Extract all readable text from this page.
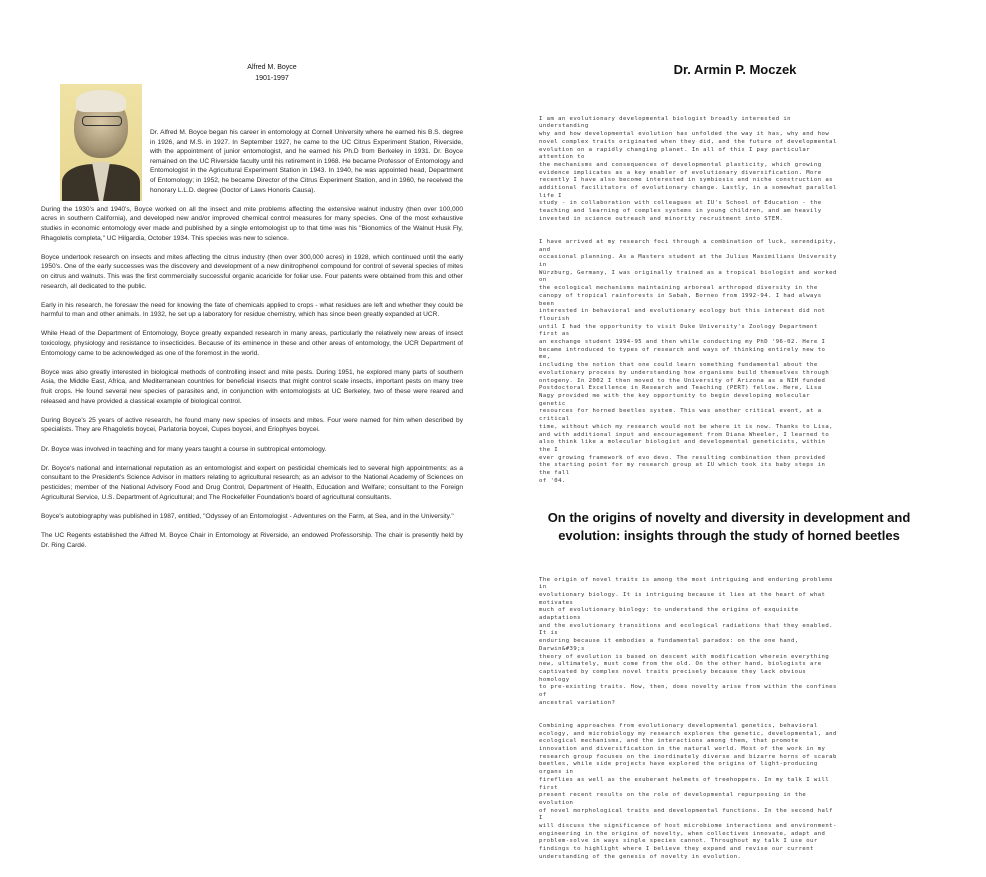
Alfred M. Boyce
1901-1997

Dr. Alfred M. Boyce began his career in entomology at Cornell University where he earned his B.S. degree in 1926, and M.S. in 1927. In September 1927, he came to the UC Citrus Experiment Station, Riverside, with the appointment of junior entomologist, and he earned his Ph.D from Berkeley in 1931. Dr. Boyce remained on the UC Riverside faculty until his retirement in 1968. He became Professor of Entomology and Entomologist in the Agricultural Experiment Station in 1943. In 1940, he was appointed head, Department of Entomology; in 1952, he became Director of the Citrus Experiment Station, and in 1960, he received the honorary L.L.D. degree (Doctor of Laws Honoris Causa).

During the 1930's and 1940's, Boyce worked on all the insect and mite problems affecting the extensive walnut industry (then over 100,000 acres in southern California), and developed new and/or improved chemical control measures for many species. One of the most exhaustive studies in economic entomology ever made and published by a single entomologist up to that time was his "Bionomics of the Walnut Husk Fly, Rhagoletis completa," UC Hilgardia, October 1934. This species was new to science.

Boyce undertook research on insects and mites affecting the citrus industry (then over 300,000 acres) in 1928, which continued until the early 1950's. One of the early successes was the discovery and development of a new dinitrophenol compound for control of several species of mites on citrus and walnuts. This was the first commercially successful organic acaricide for foliar use. Four patents were obtained from this and other research, all dedicated to the public.

Early in his research, he foresaw the need for knowing the fate of chemicals applied to crops - what residues are left and whether they could be harmful to man and other animals. In 1932, he set up a laboratory for residue chemistry, which has since been greatly expanded at UCR.

While Head of the Department of Entomology, Boyce greatly expanded research in many areas, particularly the relatively new areas of insect toxicology, physiology and resistance to insecticides. Because of its eminence in these and other areas of entomology, the UCR Department of Entomology came to be acknowledged as one of the foremost in the world.

Boyce was also greatly interested in biological methods of controlling insect and mite pests. During 1951, he explored many parts of southern Asia, the Middle East, Africa, and Mediterranean countries for beneficial insects that might control scale insects, important pests on many tree fruit crops. He found several new species of parasites and, in conjunction with entomologists at UC Berkeley, two of these were reared and released and have provided a classical example of biological control.

During Boyce's 25 years of active research, he found many new species of insects and mites. Four were named for him when described by specialists. They are Rhagoletis boycei, Parlatoria boycei, Cupes boycei, and Eriophyes boycei.

Dr. Boyce was involved in teaching and for many years taught a course in subtropical entomology.

Dr. Boyce's national and international reputation as an entomologist and expert on pesticidal chemicals led to several high appointments: as a consultant to the President's Science Advisor in matters relating to agricultural research; as an advisor to the National Academy of Sciences on pesticides; member of the National Advisory Food and Drug Control, Department of Health, Education and Welfare; consultant to the Foreign Agricultural Service, U.S. Department of Agricultural; and The Rockefeller Foundation's board of agricultural consultants.

Boyce's autobiography was published in 1987, entitled, "Odyssey of an Entomologist - Adventures on the Farm, at Sea, and in the University."

The UC Regents established the Alfred M. Boyce Chair in Entomology at Riverside, an endowed Professorship. The chair is presently held by Dr. Ring Cardé.

Dr. Armin P. Moczek

I am an evolutionary developmental biologist broadly interested in understanding
why and how developmental evolution has unfolded the way it has, why and how
novel complex traits originated when they did, and the future of developmental
evolution on a rapidly changing planet. In all of this I pay particular attention to
the mechanisms and consequences of developmental plasticity, which growing
evidence implicates as a key enabler of evolutionary diversification. More
recently I have also become interested in symbiosis and niche construction as
additional facilitators of evolutionary change. Lastly, in a somewhat parallel life I
study - in collaboration with colleagues at IU's School of Education - the
teaching and learning of complex systems in young children, and am heavily
invested in science outreach and minority recruitment into STEM.

I have arrived at my research foci through a combination of luck, serendipity, and
occasional planning. As a Masters student at the Julius Maximilians University in
Würzburg, Germany, I was originally trained as a tropical biologist and worked on
the ecological mechanisms maintaining arboreal arthropod diversity in the
canopy of tropical rainforests in Sabah, Borneo from 1992-94. I had always been
interested in behavioral and evolutionary ecology but this interest did not flourish
until I had the opportunity to visit Duke University's Zoology Department first as
an exchange student 1994-95 and then while conducting my PhD '96-02. Here I
became introduced to types of research and ways of thinking entirely new to me,
including the notion that one could learn something fundamental about the
evolutionary process by understanding how organisms build themselves through
ontogeny. In 2002 I then moved to the University of Arizona as a NIH funded
Postdoctoral Excellence in Research and Teaching (PERT) fellow. Here, Lisa
Nagy provided me with the key opportunity to begin developing molecular genetic
resources for horned beetles system. This was another critical event, at a critical
time, without which my research would not be where it is now. Thanks to Lisa,
and with additional input and encouragement from Diana Wheeler, I learned to
also think like a molecular biologist and developmental geneticists, within the I
ever growing framework of evo devo. The resulting combination then provided
the starting point for my research group at IU which took its baby steps in the fall
of '04.

On the origins of novelty and diversity in development and evolution: insights through the study of horned beetles

The origin of novel traits is among the most intriguing and enduring problems in
evolutionary biology. It is intriguing because it lies at the heart of what motivates
much of evolutionary biology: to understand the origins of exquisite adaptations
and the evolutionary transitions and ecological radiations that they enabled. It is
enduring because it embodies a fundamental paradox: on the one hand, Darwin&#39;s
theory of evolution is based on descent with modification wherein everything
new, ultimately, must come from the old. On the other hand, biologists are
captivated by complex novel traits precisely because they lack obvious homology
to pre-existing traits. How, then, does novelty arise from within the confines of
ancestral variation?

Combining approaches from evolutionary developmental genetics, behavioral
ecology, and microbiology my research explores the genetic, developmental, and
ecological mechanisms, and the interactions among them, that promote
innovation and diversification in the natural world. Most of the work in my
research group focuses on the inordinately diverse and bizarre horns of scarab
beetles, while side projects have explored the origins of light-producing organs in
fireflies as well as the exuberant helmets of treehoppers. In my talk I will first
present recent results on the role of developmental repurposing in the evolution
of novel morphological traits and developmental functions. In the second half I
will discuss the significance of host microbiome interactions and environment-
engineering in the origins of novelty, when collectives innovate, adapt and
problem-solve in ways single species cannot. Throughout my talk I use our
findings to highlight where I believe they expand and revise our current
understanding of the genesis of novelty in evolution.
